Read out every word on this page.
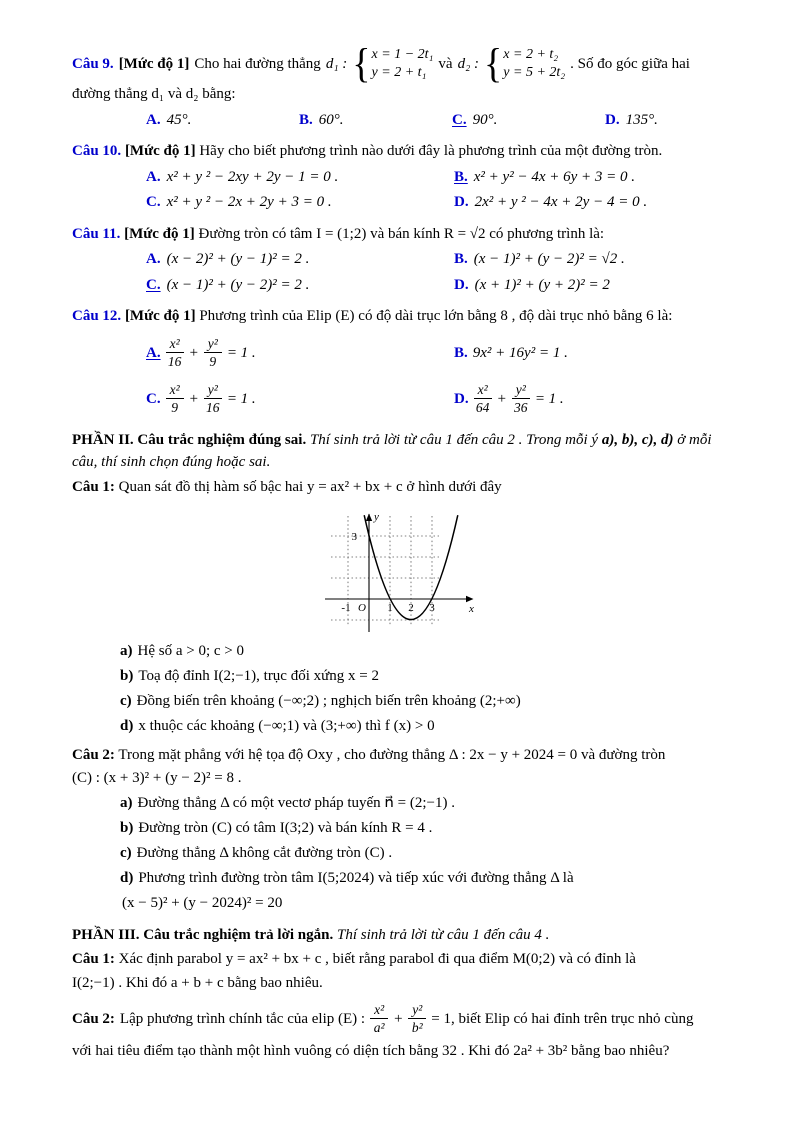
Câu 9. [Mức độ 1] Cho hai đường thẳng d₁ : { x = 1 − 2t₁
y = 2 + t₁
và d₂ : { x = 2 + t₂
y = 5 + 2t₂
. Số đo góc giữa hai
đường thẳng d₁ và d₂ bằng:
A. 45°.	B. 60°.	C. 90°.	D. 135°.

Câu 10. [Mức độ 1] Hãy cho biết phương trình nào dưới đây là phương trình của một đường tròn.

A. x² + y ² − 2xy + 2y − 1 = 0 .	B. x² + y² − 4x + 6y + 3 = 0 .
C. x² + y ² − 2x + 2y + 3 = 0 .	D. 2x² + y ² − 4x + 2y − 4 = 0 .

Câu 11. [Mức độ 1] Đường tròn có tâm I = (1;2) và bán kính R = √2 có phương trình là:

A. (x − 2)² + (y − 1)² = 2 .	B. (x − 1)² + (y − 2)² = √2 .
C. (x − 1)² + (y − 2)² = 2 .	D. (x + 1)² + (y + 2)² = 2

Câu 12. [Mức độ 1] Phương trình của Elip (E) có độ dài trục lớn bằng 8 , độ dài trục nhỏ bằng 6 là:

A. $\frac{\text{x²}}{16} + \frac{\text{y²}}{9} = 1$ .	B. 9x² + 16y² = 1 .
C. $\frac{\text{x²}}{9} + \frac{\text{y²}}{16} = 1$ .	D. $\frac{\text{x²}}{64} + \frac{\text{y²}}{36} = 1$ .

PHẦN II. Câu trắc nghiệm đúng sai. Thí sinh trả lời từ câu 1 đến câu 2 . Trong mỗi ý a), b), c), d) ở mỗi câu, thí sinh chọn đúng hoặc sai.

Câu 1: Quan sát đồ thị hàm số bậc hai y = ax² + bx + c ở hình dưới đây

3
-1 O 1 2 3	x
y
a) Hệ số a > 0; c > 0
b) Toạ độ đỉnh I(2;−1), trục đối xứng x = 2
c) Đồng biến trên khoảng (−∞;2) ; nghịch biến trên khoảng (2;+∞)
d) x thuộc các khoảng (−∞;1) và (3;+∞) thì f (x) > 0

Câu 2: Trong mặt phẳng với hệ tọa độ Oxy , cho đường thẳng Δ : 2x − y + 2024 = 0 và đường tròn

(C) : (x + 3)² + (y − 2)² = 8 .

a) Đường thẳng Δ có một vectơ pháp tuyến n⃗ = (2;−1) .
b) Đường tròn (C) có tâm I(3;2) và bán kính R = 4 .
c) Đường thẳng Δ không cắt đường tròn (C) .
d) Phương trình đường tròn tâm I(5;2024) và tiếp xúc với đường thẳng Δ là
(x − 5)² + (y − 2024)² = 20

PHẦN III. Câu trắc nghiệm trả lời ngắn. Thí sinh trả lời từ câu 1 đến câu 4 .

Câu 1: Xác định parabol y = ax² + bx + c , biết rằng parabol đi qua điểm M(0;2) và có đỉnh là

I(2;−1) . Khi đó a + b + c bằng bao nhiêu.

Câu 2: Lập phương trình chính tắc của elip (E) : $\frac{\text{x²}}{\text{a²}} + \frac{\text{y²}}{\text{b²}} = 1$, biết Elip có hai đỉnh trên trục nhỏ cùng

với hai tiêu điểm tạo thành một hình vuông có diện tích bằng 32 . Khi đó 2a² + 3b² bằng bao nhiêu?
